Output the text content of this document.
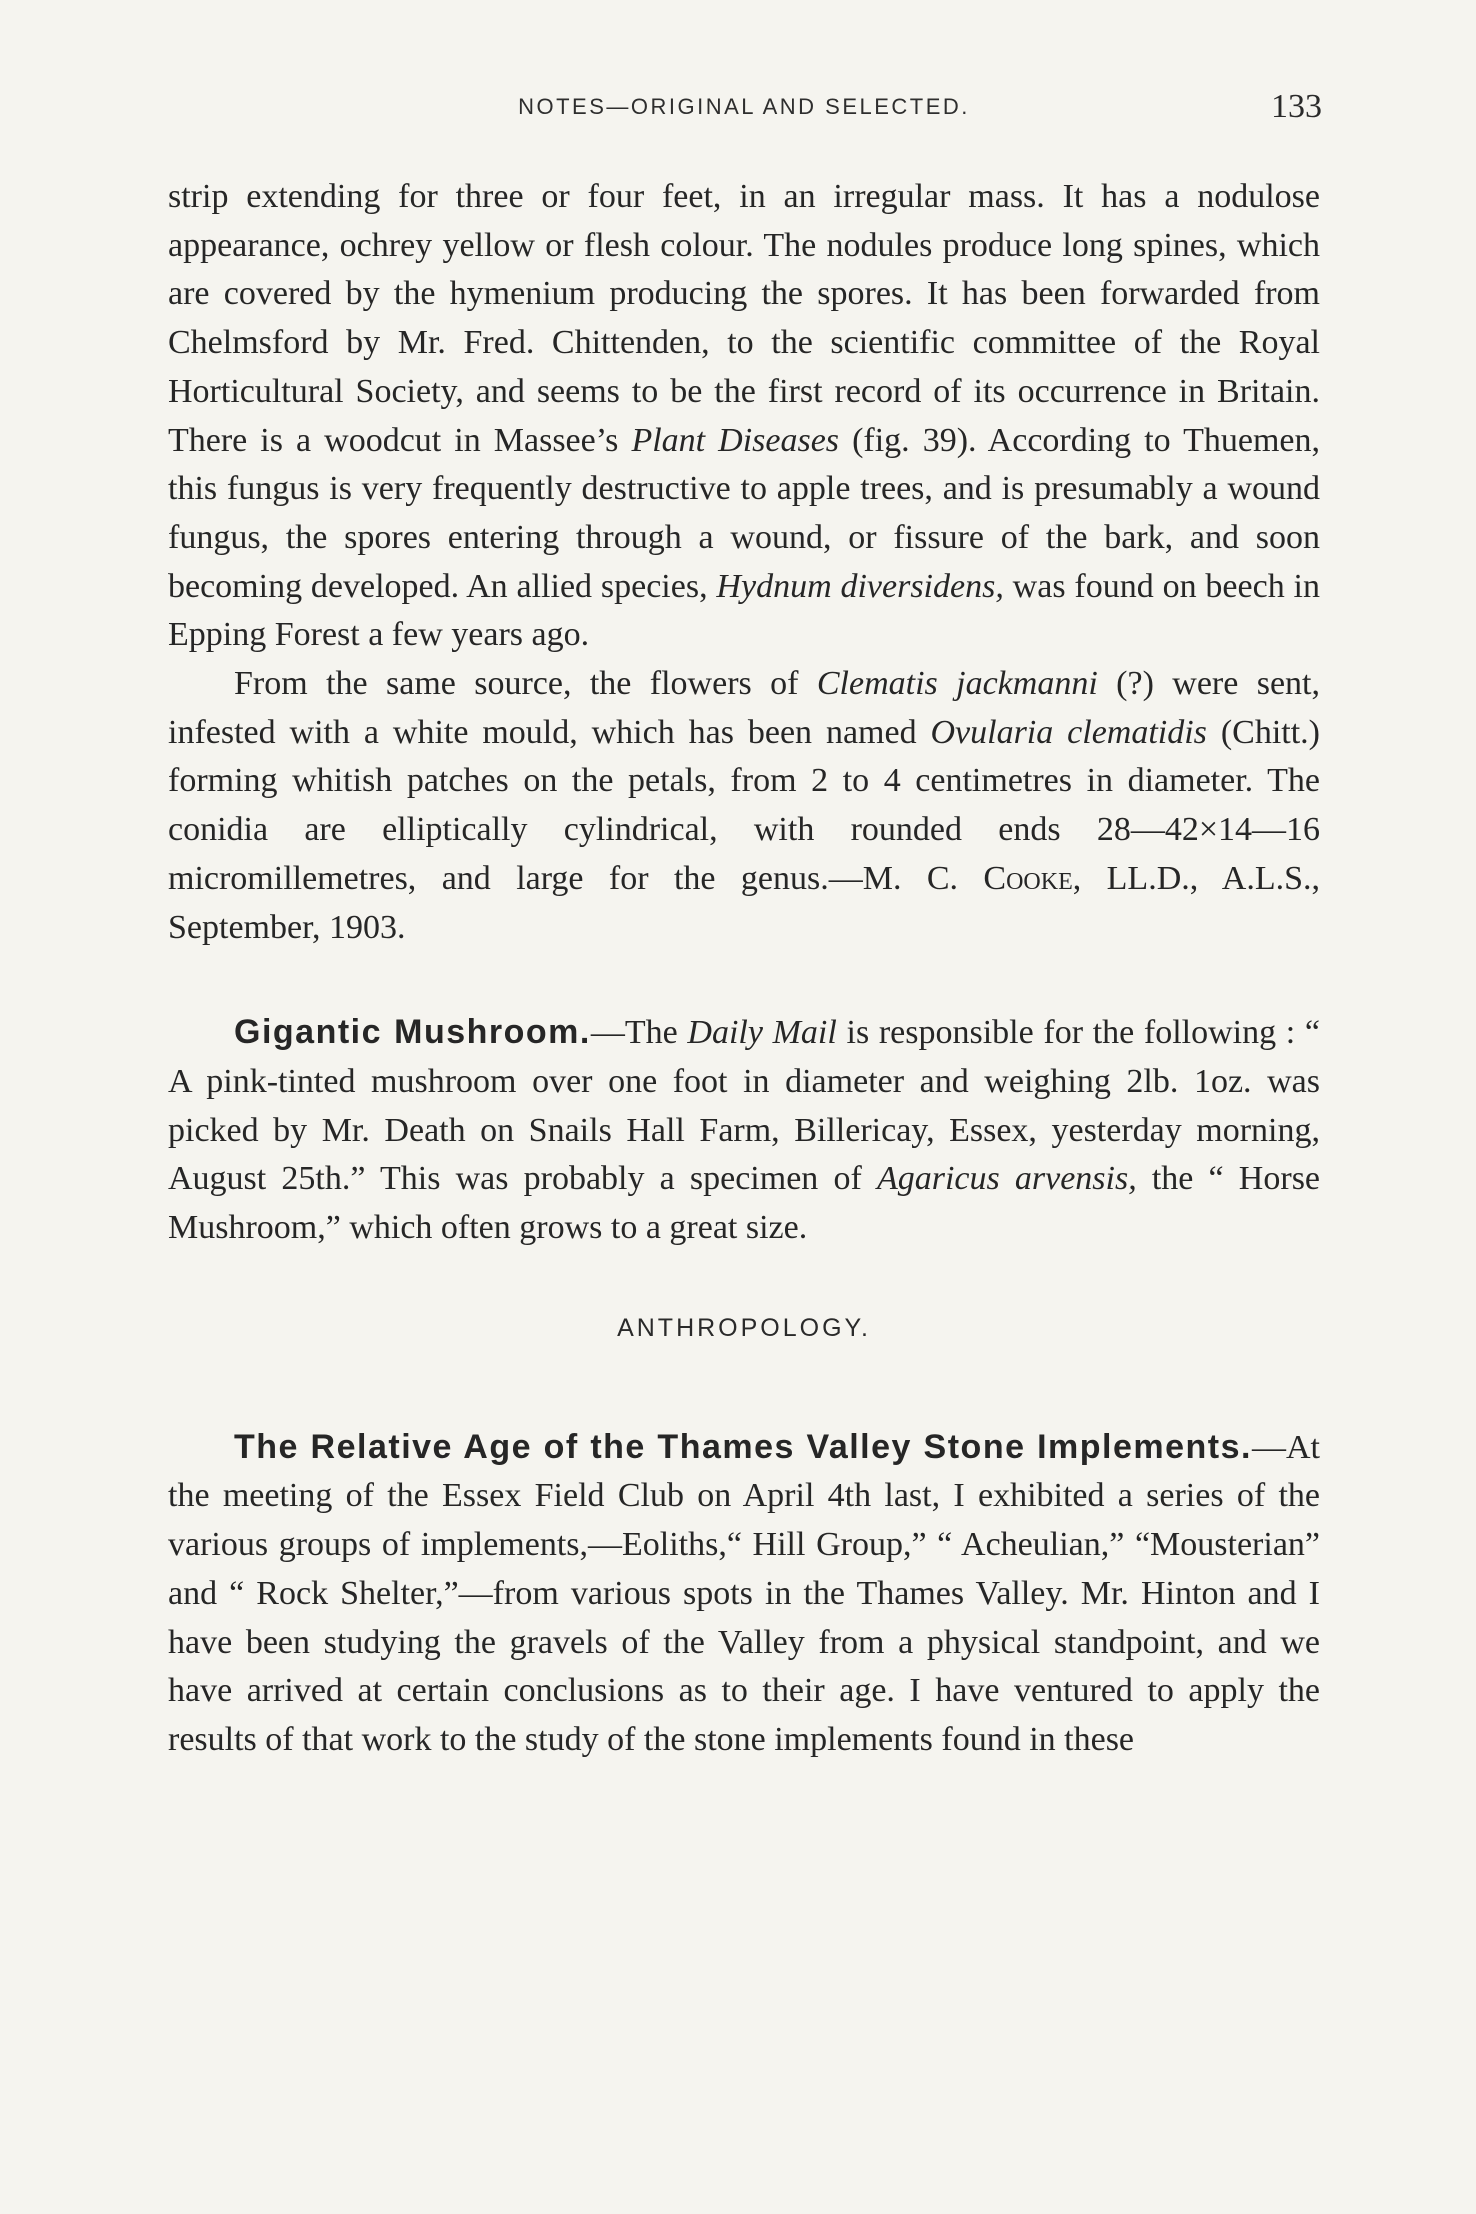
NOTES—ORIGINAL AND SELECTED.	133

strip extending for three or four feet, in an irregular mass. It has a nodulose appearance, ochrey yellow or flesh colour. The nodules produce long spines, which are covered by the hymenium producing the spores. It has been forwarded from Chelmsford by Mr. Fred. Chittenden, to the scientific committee of the Royal Horticultural Society, and seems to be the first record of its occurrence in Britain. There is a woodcut in Massee’s Plant Diseases (fig. 39). According to Thuemen, this fungus is very frequently destructive to apple trees, and is presumably a wound fungus, the spores entering through a wound, or fissure of the bark, and soon becoming developed. An allied species, Hydnum diversidens, was found on beech in Epping Forest a few years ago.

From the same source, the flowers of Clematis jackmanni (?) were sent, infested with a white mould, which has been named Ovularia clematidis (Chitt.) forming whitish patches on the petals, from 2 to 4 centimetres in diameter. The conidia are elliptically cylindrical, with rounded ends 28—42×14—16 micromillemetres, and large for the genus.—M. C. Cooke, LL.D., A.L.S., September, 1903.

Gigantic Mushroom.—The Daily Mail is responsible for the following : “ A pink-tinted mushroom over one foot in diameter and weighing 2lb. 1oz. was picked by Mr. Death on Snails Hall Farm, Billericay, Essex, yesterday morning, August 25th.” This was probably a specimen of Agaricus arvensis, the “ Horse Mushroom,” which often grows to a great size.

ANTHROPOLOGY.

The Relative Age of the Thames Valley Stone Implements.—At the meeting of the Essex Field Club on April 4th last, I exhibited a series of the various groups of implements,—Eoliths,“ Hill Group,” “ Acheulian,” “Mousterian” and “ Rock Shelter,”—from various spots in the Thames Valley. Mr. Hinton and I have been studying the gravels of the Valley from a physical standpoint, and we have arrived at certain conclusions as to their age. I have ventured to apply the results of that work to the study of the stone implements found in these
